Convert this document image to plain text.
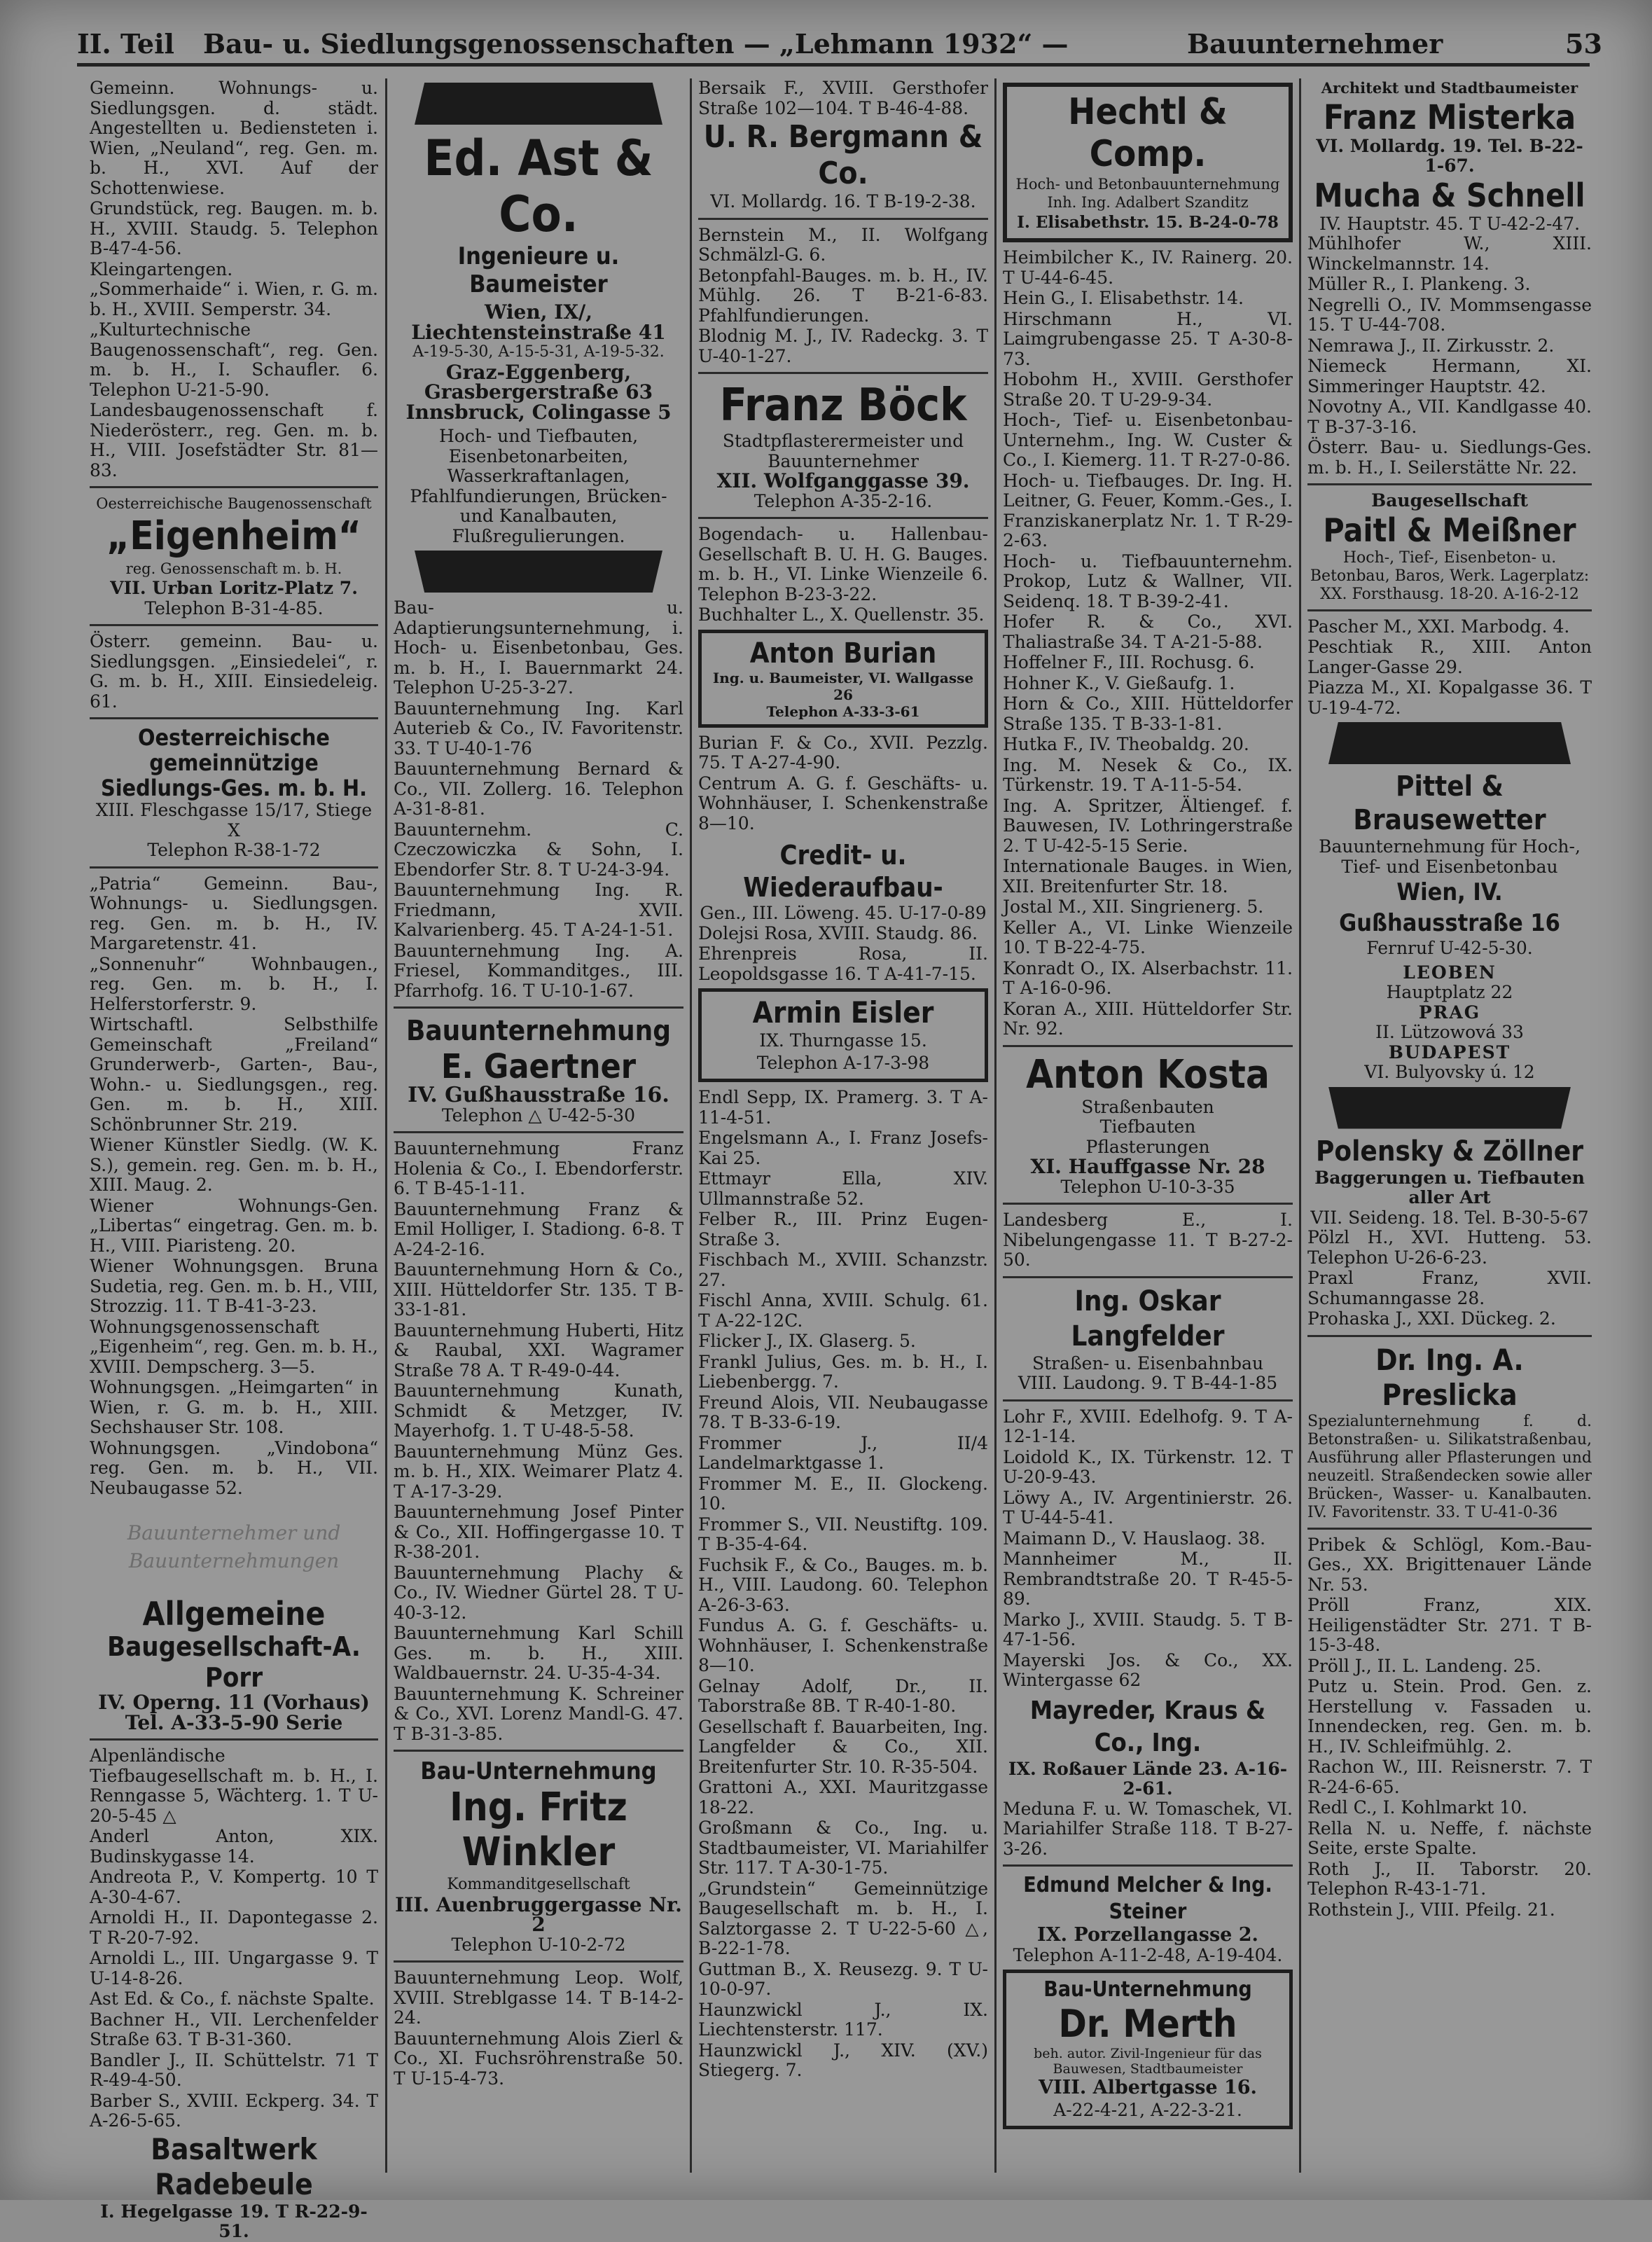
II. Teil Bau- u. Siedlungsgenossenschaften — „Lehmann 1932“ —	Bauunternehmer	53

Gemeinn. Wohnungs- u. Siedlungsgen. d. städt. Angestellten u. Bediensteten i. Wien, „Neuland“, reg. Gen. m. b. H., XVI. Auf der Schottenwiese.

Grundstück, reg. Baugen. m. b. H., XVIII. Staudg. 5. Telephon B-47-4-56.

Kleingartengen. „Sommerhaide“ i. Wien, r. G. m. b. H., XVIII. Semperstr. 34.

„Kulturtechnische Baugenossenschaft“, reg. Gen. m. b. H., I. Schaufler. 6. Telephon U-21-5-90.

Landesbaugenossenschaft f. Niederösterr., reg. Gen. m. b. H., VIII. Josefstädter Str. 81—83.

Oesterreichische Baugenossenschaft
„Eigenheim“
reg. Genossenschaft m. b. H.
VII. Urban Loritz-Platz 7.
Telephon B-31-4-85.

Österr. gemeinn. Bau- u. Siedlungsgen. „Einsiedelei“, r. G. m. b. H., XIII. Einsiedeleig. 61.

Oesterreichische gemeinnützige Siedlungs-Ges. m. b. H.
XIII. Fleschgasse 15/17, Stiege X
Telephon R-38-1-72

„Patria“ Gemeinn. Bau-, Wohnungs- u. Siedlungsgen. reg. Gen. m. b. H., IV. Margaretenstr. 41.

„Sonnenuhr“ Wohnbaugen., reg. Gen. m. b. H., I. Helferstorferstr. 9.

Wirtschaftl. Selbsthilfe Gemeinschaft „Freiland“ Grunderwerb-, Garten-, Bau-, Wohn.- u. Siedlungsgen., reg. Gen. m. b. H., XIII. Schönbrunner Str. 219.

Wiener Künstler Siedlg. (W. K. S.), gemein. reg. Gen. m. b. H., XIII. Maug. 2.

Wiener Wohnungs-Gen. „Libertas“ eingetrag. Gen. m. b. H., VIII. Piaristeng. 20.

Wiener Wohnungsgen. Bruna Sudetia, reg. Gen. m. b. H., VIII, Strozzig. 11. T B-41-3-23.

Wohnungsgenossenschaft „Eigenheim“, reg. Gen. m. b. H., XVIII. Dempscherg. 3—5.

Wohnungsgen. „Heimgarten“ in Wien, r. G. m. b. H., XIII. Sechshauser Str. 108.

Wohnungsgen. „Vindobona“ reg. Gen. m. b. H., VII. Neubaugasse 52.

Bauunternehmer und Bauunternehmungen
Allgemeine
Baugesellschaft-A. Porr
IV. Operng. 11 (Vorhaus)
Tel. A-33-5-90 Serie

Alpenländische Tiefbaugesellschaft m. b. H., I. Renngasse 5, Wächterg. 1. T U-20-5-45 △

Anderl Anton, XIX. Budinskygasse 14.

Andreota P., V. Kompertg. 10 T A-30-4-67.

Arnoldi H., II. Dapontegasse 2. T R-20-7-92.

Arnoldi L., III. Ungargasse 9. T U-14-8-26.

Ast Ed. & Co., f. nächste Spalte.

Bachner H., VII. Lerchenfelder Straße 63. T B-31-360.

Bandler J., II. Schüttelstr. 71 T R-49-4-50.

Barber S., XVIII. Eckperg. 34. T A-26-5-65.

Basaltwerk Radebeule
I. Hegelgasse 19. T R-22-9-51.
Ed. Ast & Co.
Ingenieure u. Baumeister
Wien, IX/,
Liechtensteinstraße 41
A-19-5-30, A-15-5-31, A-19-5-32.
Graz-Eggenberg,
Grasbergerstraße 63
Innsbruck, Colingasse 5
Hoch- und Tiefbauten, Eisenbetonarbeiten, Wasserkraftanlagen, Pfahlfundierungen, Brücken- und Kanalbauten, Flußregulierungen.

Bau- u. Adaptierungsunternehmung, i. Hoch- u. Eisenbetonbau, Ges. m. b. H., I. Bauernmarkt 24. Telephon U-25-3-27.

Bauunternehmung Ing. Karl Auterieb & Co., IV. Favoritenstr. 33. T U-40-1-76

Bauunternehmung Bernard & Co., VII. Zollerg. 16. Telephon A-31-8-81.

Bauunternehm. C. Czeczowiczka & Sohn, I. Ebendorfer Str. 8. T U-24-3-94.

Bauunternehmung Ing. R. Friedmann, XVII. Kalvarienberg. 45. T A-24-1-51.

Bauunternehmung Ing. A. Friesel, Kommanditges., III. Pfarrhofg. 16. T U-10-1-67.

Bauunternehmung
E. Gaertner
IV. Gußhausstraße 16.
Telephon △ U-42-5-30

Bauunternehmung Franz Holenia & Co., I. Ebendorferstr. 6. T B-45-1-11.

Bauunternehmung Franz & Emil Holliger, I. Stadiong. 6-8. T A-24-2-16.

Bauunternehmung Horn & Co., XIII. Hütteldorfer Str. 135. T B-33-1-81.

Bauunternehmung Huberti, Hitz & Raubal, XXI. Wagramer Straße 78 A. T R-49-0-44.

Bauunternehmung Kunath, Schmidt & Metzger, IV. Mayerhofg. 1. T U-48-5-58.

Bauunternehmung Münz Ges. m. b. H., XIX. Weimarer Platz 4. T A-17-3-29.

Bauunternehmung Josef Pinter & Co., XII. Hoffingergasse 10. T R-38-201.

Bauunternehmung Plachy & Co., IV. Wiedner Gürtel 28. T U-40-3-12.

Bauunternehmung Karl Schill Ges. m. b. H., XIII. Waldbauernstr. 24. U-35-4-34.

Bauunternehmung K. Schreiner & Co., XVI. Lorenz Mandl-G. 47. T B-31-3-85.

Bau-Unternehmung
Ing. Fritz Winkler
Kommanditgesellschaft
III. Auenbruggergasse Nr. 2
Telephon U-10-2-72

Bauunternehmung Leop. Wolf, XVIII. Streblgasse 14. T B-14-2-24.

Bauunternehmung Alois Zierl & Co., XI. Fuchsröhrenstraße 50. T U-15-4-73.

Bersaik F., XVIII. Gersthofer Straße 102—104. T B-46-4-88.

U. R. Bergmann & Co.
VI. Mollardg. 16. T B-19-2-38.

Bernstein M., II. Wolfgang Schmälzl-G. 6.

Betonpfahl-Bauges. m. b. H., IV. Mühlg. 26. T B-21-6-83. Pfahlfundierungen.

Blodnig M. J., IV. Radeckg. 3. T U-40-1-27.

Franz Böck
Stadtpflasterermeister und Bauunternehmer
XII. Wolfganggasse 39.
Telephon A-35-2-16.

Bogendach- u. Hallenbau-Gesellschaft B. U. H. G. Bauges. m. b. H., VI. Linke Wienzeile 6. Telephon B-23-3-22.

Buchhalter L., X. Quellenstr. 35.

Anton Burian
Ing. u. Baumeister, VI. Wallgasse 26
Telephon A-33-3-61

Burian F. & Co., XVII. Pezzlg. 75. T A-27-4-90.

Centrum A. G. f. Geschäfts- u. Wohnhäuser, I. Schenkenstraße 8—10.

Credit- u. Wiederaufbau-
Gen., III. Löweng. 45. U-17-0-89

Dolejsi Rosa, XVIII. Staudg. 86.

Ehrenpreis Rosa, II. Leopoldsgasse 16. T A-41-7-15.

Armin Eisler
IX. Thurngasse 15.
Telephon A-17-3-98

Endl Sepp, IX. Pramerg. 3. T A-11-4-51.

Engelsmann A., I. Franz Josefs-Kai 25.

Ettmayr Ella, XIV. Ullmannstraße 52.

Felber R., III. Prinz Eugen-Straße 3.

Fischbach M., XVIII. Schanzstr. 27.

Fischl Anna, XVIII. Schulg. 61. T A-22-12C.

Flicker J., IX. Glaserg. 5.

Frankl Julius, Ges. m. b. H., I. Liebenbergg. 7.

Freund Alois, VII. Neubaugasse 78. T B-33-6-19.

Frommer J., II/4 Landelmarktgasse 1.

Frommer M. E., II. Glockeng. 10.

Frommer S., VII. Neustiftg. 109. T B-35-4-64.

Fuchsik F., & Co., Bauges. m. b. H., VIII. Laudong. 60. Telephon A-26-3-63.

Fundus A. G. f. Geschäfts- u. Wohnhäuser, I. Schenkenstraße 8—10.

Gelnay Adolf, Dr., II. Taborstraße 8B. T R-40-1-80.

Gesellschaft f. Bauarbeiten, Ing. Langfelder & Co., XII. Breitenfurter Str. 10. R-35-504.

Grattoni A., XXI. Mauritzgasse 18-22.

Großmann & Co., Ing. u. Stadtbaumeister, VI. Mariahilfer Str. 117. T A-30-1-75.

„Grundstein“ Gemeinnützige Baugesellschaft m. b. H., I. Salztorgasse 2. T U-22-5-60 △, B-22-1-78.

Guttman B., X. Reusezg. 9. T U-10-0-97.

Haunzwickl J., IX. Liechtensterstr. 117.

Haunzwickl J., XIV. (XV.) Stiegerg. 7.

Hechtl & Comp.
Hoch- und Betonbauunternehmung
Inh. Ing. Adalbert Szanditz
I. Elisabethstr. 15. B-24-0-78

Heimbilcher K., IV. Rainerg. 20. T U-44-6-45.

Hein G., I. Elisabethstr. 14.

Hirschmann H., VI. Laimgrubengasse 25. T A-30-8-73.

Hobohm H., XVIII. Gersthofer Straße 20. T U-29-9-34.

Hoch-, Tief- u. Eisenbetonbau-Unternehm., Ing. W. Custer & Co., I. Kiemerg. 11. T R-27-0-86.

Hoch- u. Tiefbauges. Dr. Ing. H. Leitner, G. Feuer, Komm.-Ges., I. Franziskanerplatz Nr. 1. T R-29-2-63.

Hoch- u. Tiefbauunternehm. Prokop, Lutz & Wallner, VII. Seidenq. 18. T B-39-2-41.

Hofer R. & Co., XVI. Thaliastraße 34. T A-21-5-88.

Hoffelner F., III. Rochusg. 6.

Hohner K., V. Gießaufg. 1.

Horn & Co., XIII. Hütteldorfer Straße 135. T B-33-1-81.

Hutka F., IV. Theobaldg. 20.

Ing. M. Nesek & Co., IX. Türkenstr. 19. T A-11-5-54.

Ing. A. Spritzer, Ältiengef. f. Bauwesen, IV. Lothringerstraße 2. T U-42-5-15 Serie.

Internationale Bauges. in Wien, XII. Breitenfurter Str. 18.

Jostal M., XII. Singrienerg. 5.

Keller A., VI. Linke Wienzeile 10. T B-22-4-75.

Konradt O., IX. Alserbachstr. 11. T A-16-0-96.

Koran A., XIII. Hütteldorfer Str. Nr. 92.

Anton Kosta
Straßenbauten
Tiefbauten
Pflasterungen
XI. Hauffgasse Nr. 28
Telephon U-10-3-35

Landesberg E., I. Nibelungengasse 11. T B-27-2-50.

Ing. Oskar Langfelder
Straßen- u. Eisenbahnbau
VIII. Laudong. 9. T B-44-1-85

Lohr F., XVIII. Edelhofg. 9. T A-12-1-14.

Loidold K., IX. Türkenstr. 12. T U-20-9-43.

Löwy A., IV. Argentinierstr. 26. T U-44-5-41.

Maimann D., V. Hauslaog. 38.

Mannheimer M., II. Rembrandtstraße 20. T R-45-5-89.

Marko J., XVIII. Staudg. 5. T B-47-1-56.

Mayerski Jos. & Co., XX. Wintergasse 62

Mayreder, Kraus & Co., Ing.
IX. Roßauer Lände 23. A-16-2-61.

Meduna F. u. W. Tomaschek, VI. Mariahilfer Straße 118. T B-27-3-26.

Edmund Melcher & Ing. Steiner
IX. Porzellangasse 2.
Telephon A-11-2-48, A-19-404.
Bau-Unternehmung
Dr. Merth
beh. autor. Zivil-Ingenieur für das Bauwesen, Stadtbaumeister
VIII. Albertgasse 16.
A-22-4-21, A-22-3-21.
Architekt und Stadtbaumeister
Franz Misterka
VI. Mollardg. 19. Tel. B-22-1-67.
Mucha & Schnell
IV. Hauptstr. 45. T U-42-2-47.

Mühlhofer W., XIII. Winckelmannstr. 14.

Müller R., I. Plankeng. 3.

Negrelli O., IV. Mommsengasse 15. T U-44-708.

Nemrawa J., II. Zirkusstr. 2.

Niemeck Hermann, XI. Simmeringer Hauptstr. 42.

Novotny A., VII. Kandlgasse 40. T B-37-3-16.

Österr. Bau- u. Siedlungs-Ges. m. b. H., I. Seilerstätte Nr. 22.

Baugesellschaft
Paitl & Meißner
Hoch-, Tief-, Eisenbeton- u. Betonbau, Baros, Werk. Lagerplatz: XX. Forsthausg. 18-20. A-16-2-12

Pascher M., XXI. Marbodg. 4.

Peschtiak R., XIII. Anton Langer-Gasse 29.

Piazza M., XI. Kopalgasse 36. T U-19-4-72.

Pittel & Brausewetter
Bauunternehmung für Hoch-, Tief- und Eisenbetonbau
Wien, IV. Gußhausstraße 16
Fernruf U-42-5-30.
LEOBEN
Hauptplatz 22
PRAG
II. Lützowová 33
BUDAPEST
VI. Bulyovsky ú. 12
Polensky & Zöllner
Baggerungen u. Tiefbauten aller Art
VII. Seideng. 18. Tel. B-30-5-67

Pölzl H., XVI. Hutteng. 53. Telephon U-26-6-23.

Praxl Franz, XVII. Schumanngasse 28.

Prohaska J., XXI. Dückeg. 2.

Dr. Ing. A. Preslicka
Spezialunternehmung f. d. Betonstraßen- u. Silikatstraßenbau, Ausführung aller Pflasterungen und neuzeitl. Straßendecken sowie aller Brücken-, Wasser- u. Kanalbauten. IV. Favoritenstr. 33. T U-41-0-36

Pribek & Schlögl, Kom.-Bau-Ges., XX. Brigittenauer Lände Nr. 53.

Pröll Franz, XIX. Heiligenstädter Str. 271. T B-15-3-48.

Pröll J., II. L. Landeng. 25.

Putz u. Stein. Prod. Gen. z. Herstellung v. Fassaden u. Innendecken, reg. Gen. m. b. H., IV. Schleifmühlg. 2.

Rachon W., III. Reisnerstr. 7. T R-24-6-65.

Redl C., I. Kohlmarkt 10.

Rella N. u. Neffe, f. nächste Seite, erste Spalte.

Roth J., II. Taborstr. 20. Telephon R-43-1-71.

Rothstein J., VIII. Pfeilg. 21.
